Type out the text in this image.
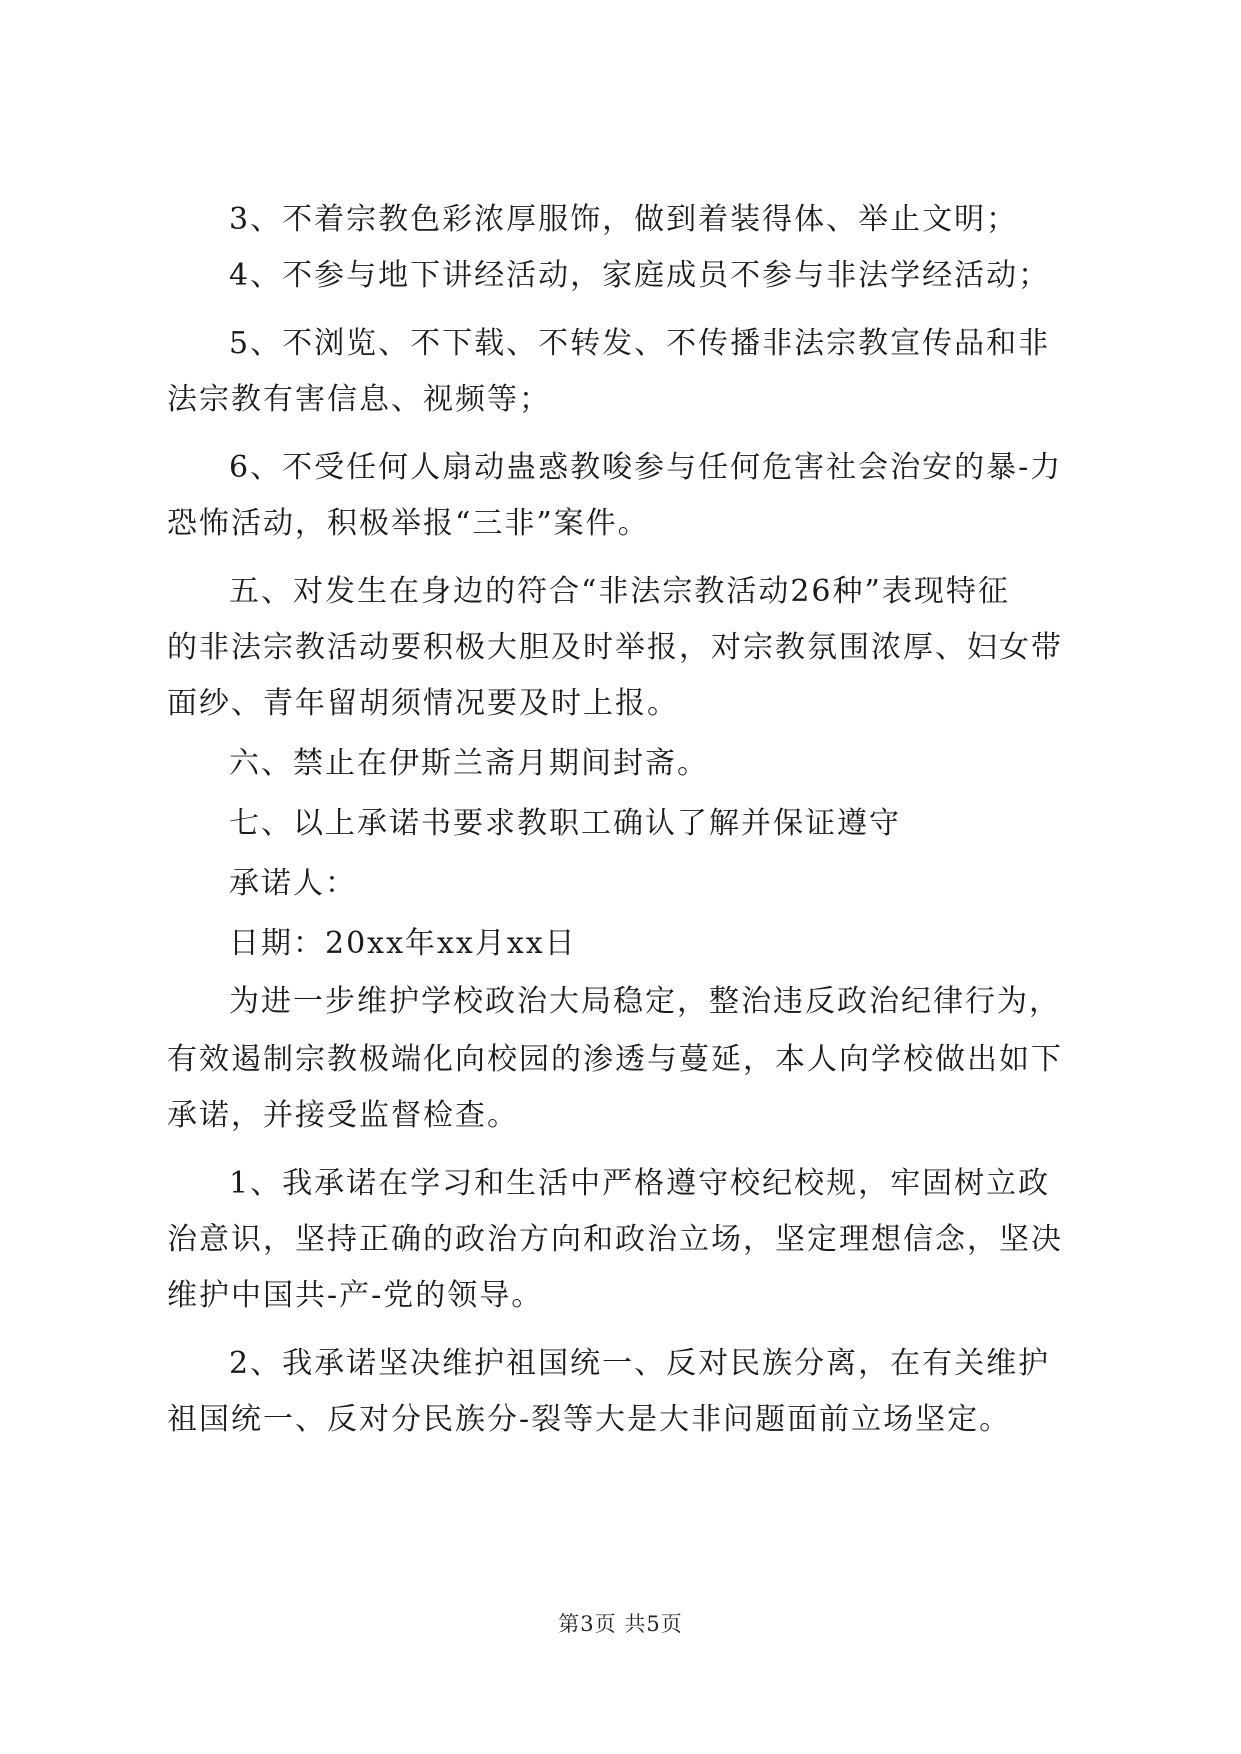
3、不着宗教色彩浓厚服饰，做到着装得体、举止文明；
4、不参与地下讲经活动，家庭成员不参与非法学经活动；
5、不浏览、不下载、不转发、不传播非法宗教宣传品和非
法宗教有害信息、视频等；
6、不受任何人扇动蛊惑教唆参与任何危害社会治安的暴-力
恐怖活动，积极举报“三非”案件。
五、对发生在身边的符合“非法宗教活动26种”表现特征
的非法宗教活动要积极大胆及时举报，对宗教氛围浓厚、妇女带
面纱、青年留胡须情况要及时上报。
六、禁止在伊斯兰斋月期间封斋。
七、以上承诺书要求教职工确认了解并保证遵守
承诺人：
日期：20xx年xx月xx日
为进一步维护学校政治大局稳定，整治违反政治纪律行为，
有效遏制宗教极端化向校园的渗透与蔓延，本人向学校做出如下
承诺，并接受监督检查。
1、我承诺在学习和生活中严格遵守校纪校规，牢固树立政
治意识，坚持正确的政治方向和政治立场，坚定理想信念，坚决
维护中国共-产-党的领导。
2、我承诺坚决维护祖国统一、反对民族分离，在有关维护
祖国统一、反对分民族分-裂等大是大非问题面前立场坚定。
第3页 共5页
